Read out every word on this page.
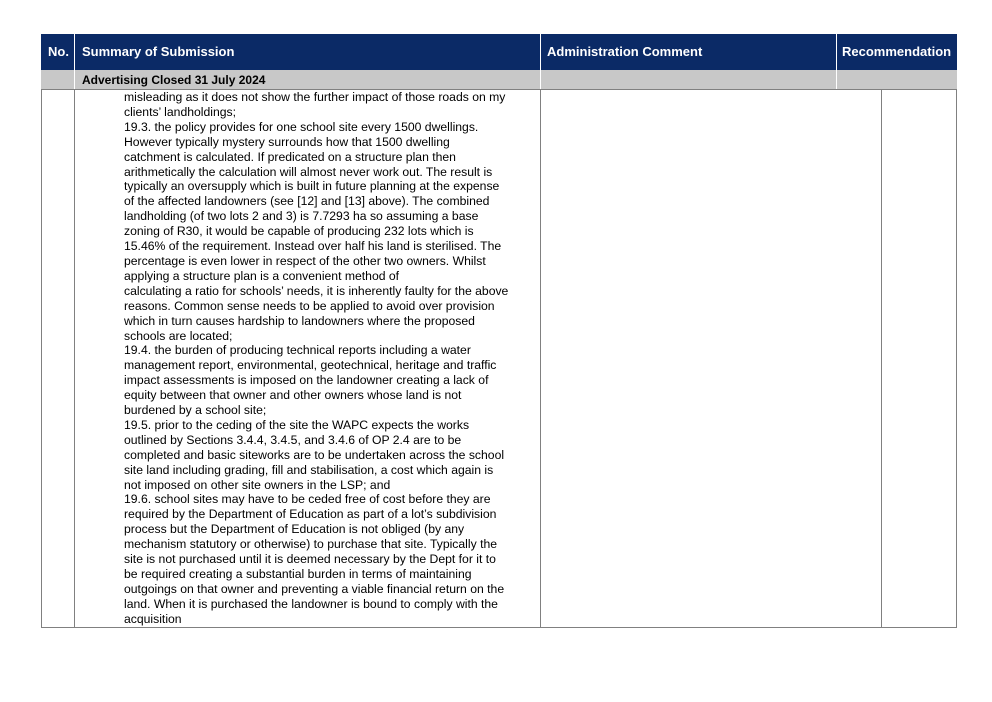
No. Summary of Submission	Administration Comment	Recommendation
Advertising Closed 31 July 2024
misleading as it does not show the further impact of those roads on my
clients’ landholdings;
19.3. the policy provides for one school site every 1500 dwellings.
However typically mystery surrounds how that 1500 dwelling
catchment is calculated. If predicated on a structure plan then
arithmetically the calculation will almost never work out. The result is
typically an oversupply which is built in future planning at the expense
of the affected landowners (see [12] and [13] above). The combined
landholding (of two lots 2 and 3) is 7.7293 ha so assuming a base
zoning of R30, it would be capable of producing 232 lots which is
15.46% of the requirement. Instead over half his land is sterilised. The
percentage is even lower in respect of the other two owners. Whilst
applying a structure plan is a convenient method of
calculating a ratio for schools’ needs, it is inherently faulty for the above
reasons. Common sense needs to be applied to avoid over provision
which in turn causes hardship to landowners where the proposed
schools are located;
19.4. the burden of producing technical reports including a water
management report, environmental, geotechnical, heritage and traffic
impact assessments is imposed on the landowner creating a lack of
equity between that owner and other owners whose land is not
burdened by a school site;
19.5. prior to the ceding of the site the WAPC expects the works
outlined by Sections 3.4.4, 3.4.5, and 3.4.6 of OP 2.4 are to be
completed and basic siteworks are to be undertaken across the school
site land including grading, fill and stabilisation, a cost which again is
not imposed on other site owners in the LSP; and
19.6. school sites may have to be ceded free of cost before they are
required by the Department of Education as part of a lot’s subdivision
process but the Department of Education is not obliged (by any
mechanism statutory or otherwise) to purchase that site. Typically the
site is not purchased until it is deemed necessary by the Dept for it to
be required creating a substantial burden in terms of maintaining
outgoings on that owner and preventing a viable financial return on the
land. When it is purchased the landowner is bound to comply with the
acquisition
